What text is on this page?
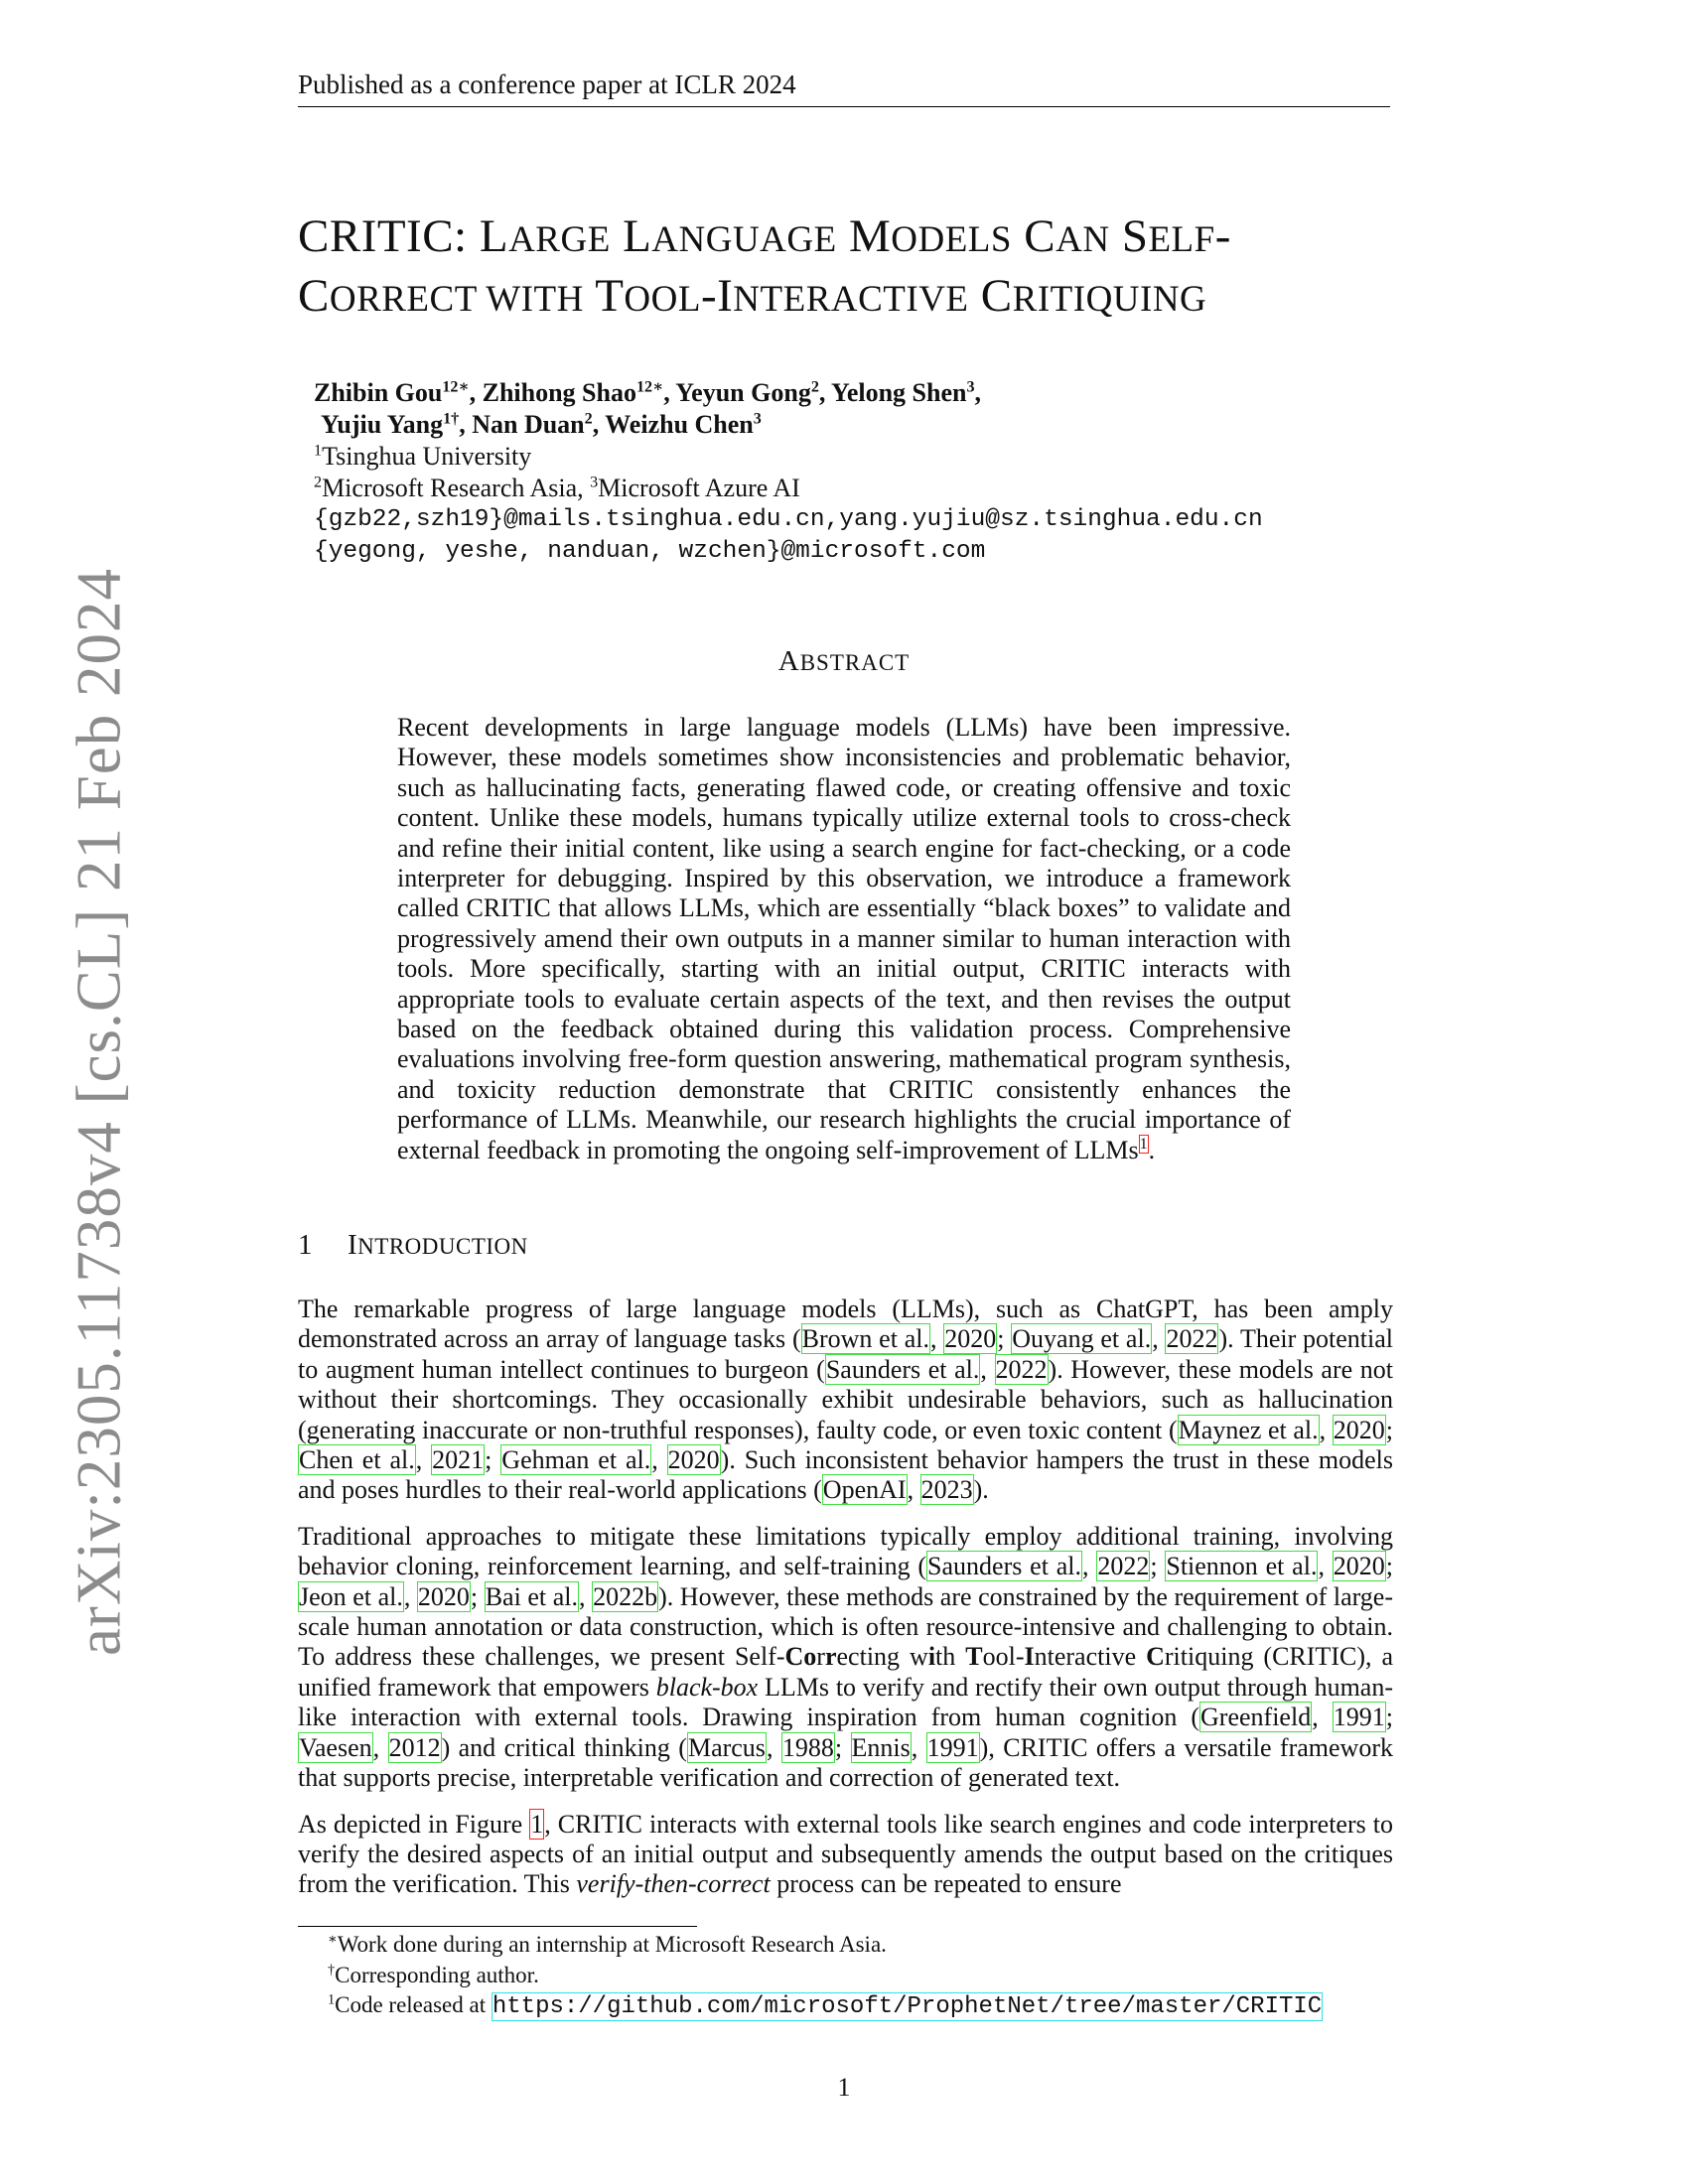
Published as a conference paper at ICLR 2024
arXiv:2305.11738v4 [cs.CL] 21 Feb 2024
CRITIC: LARGE LANGUAGE MODELS CAN SELF-
CORRECT WITH TOOL-INTERACTIVE CRITIQUING
Zhibin Gou$^{12∗}$, Zhihong Shao$^{12∗}$, Yeyun Gong$^2$, Yelong Shen$^3$,
Yujiu Yang$^{1\dagger}$, Nan Duan$^2$, Weizhu Chen$^3$
$^1$Tsinghua University
$^2$Microsoft Research Asia, $^3$Microsoft Azure AI
{gzb22,szh19}@mails.tsinghua.edu.cn,yang.yujiu@sz.tsinghua.edu.cn
{yegong, yeshe, nanduan, wzchen}@microsoft.com
ABSTRACT
Recent developments in large language models (LLMs) have been impressive. However, these models sometimes show inconsistencies and problematic behavior, such as hallucinating facts, generating flawed code, or creating offensive and toxic content. Unlike these models, humans typically utilize external tools to cross-check and refine their initial content, like using a search engine for fact-checking, or a code interpreter for debugging. Inspired by this observation, we introduce a framework called CRITIC that allows LLMs, which are essentially “black boxes” to validate and progressively amend their own outputs in a manner similar to human interaction with tools. More specifically, starting with an initial output, CRITIC interacts with appropriate tools to evaluate certain aspects of the text, and then revises the output based on the feedback obtained during this validation process. Comprehensive evaluations involving free-form question answering, mathematical program synthesis, and toxicity reduction demonstrate that CRITIC consistently enhances the performance of LLMs. Meanwhile, our research highlights the crucial importance of external feedback in promoting the ongoing self-improvement of LLMs$^1$.
1 INTRODUCTION

The remarkable progress of large language models (LLMs), such as ChatGPT, has been amply demonstrated across an array of language tasks (Brown et al., 2020; Ouyang et al., 2022). Their potential to augment human intellect continues to burgeon (Saunders et al., 2022). However, these models are not without their shortcomings. They occasionally exhibit undesirable behaviors, such as hallucination (generating inaccurate or non-truthful responses), faulty code, or even toxic content (Maynez et al., 2020; Chen et al., 2021; Gehman et al., 2020). Such inconsistent behavior hampers the trust in these models and poses hurdles to their real-world applications (OpenAI, 2023).

Traditional approaches to mitigate these limitations typically employ additional training, involving behavior cloning, reinforcement learning, and self-training (Saunders et al., 2022; Stiennon et al., 2020; Jeon et al., 2020; Bai et al., 2022b). However, these methods are constrained by the requirement of large-scale human annotation or data construction, which is often resource-intensive and challenging to obtain. To address these challenges, we present Self-Correcting with Tool-Interactive Critiquing (CRITIC), a unified framework that empowers black-box LLMs to verify and rectify their own output through human-like interaction with external tools. Drawing inspiration from human cognition (Greenfield, 1991; Vaesen, 2012) and critical thinking (Marcus, 1988; Ennis, 1991), CRITIC offers a versatile framework that supports precise, interpretable verification and correction of generated text.

As depicted in Figure 1, CRITIC interacts with external tools like search engines and code interpreters to verify the desired aspects of an initial output and subsequently amends the output based on the critiques from the verification. This verify-then-correct process can be repeated to ensure

∗Work done during an internship at Microsoft Research Asia.
†Corresponding author.
$^1$Code released at https://github.com/microsoft/ProphetNet/tree/master/CRITIC
1
